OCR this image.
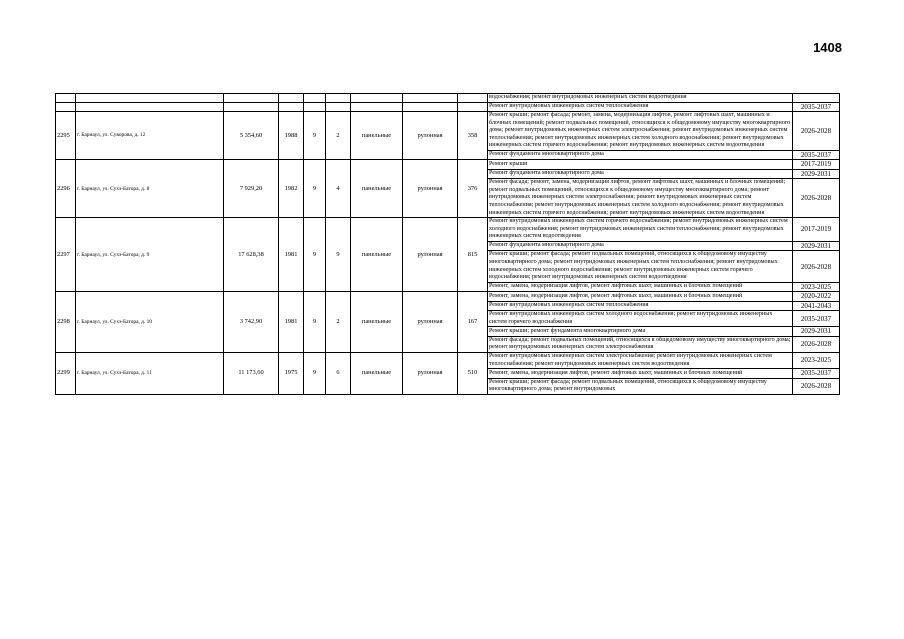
1408
									водоснабжения; ремонт внутридомовых инженерных систем водоотведения	
									Ремонт внутридомовых инженерных систем теплоснабжения	2035-2037
2295	г. Барнаул, ул. Суворова, д. 12	5 354,60	1988	9	2	панельные	рулонная	358	Ремонт крыши; ремонт фасада; ремонт, замена, модернизация лифтов, ремонт лифтовых шахт, машинных и блочных помещений; ремонт подвальных помещений, относящихся к общедомовому имуществу многоквартирного дома; ремонт внутридомовых инженерных систем электроснабжения; ремонт внутридомовых инженерных систем теплоснабжения; ремонт внутридомовых инженерных систем холодного водоснабжения; ремонт внутридомовых инженерных систем горячего водоснабжения; ремонт внутридомовых инженерных систем водоотведения	2026-2028
									Ремонт фундамента многоквартирного дома	2035-2037
2296	г. Барнаул, ул. Сухэ-Батора, д. 8	7 929,20	1982	9	4	панельные	рулонная	376	Ремонт крыши	2017-2019
									Ремонт фундамента многоквартирного дома	2029-2031
									Ремонт фасада; ремонт, замена, модернизация лифтов, ремонт лифтовых шахт, машинных и блочных помещений; ремонт подвальных помещений, относящихся к общедомовому имуществу многоквартирного дома; ремонт внутридомовых инженерных систем электроснабжения; ремонт внутридомовых инженерных систем теплоснабжения; ремонт внутридомовых инженерных систем холодного водоснабжения; ремонт внутридомовых инженерных систем горячего водоснабжения; ремонт внутридомовых инженерных систем водоотведения	2026-2028
2297	г. Барнаул, ул. Сухэ-Батора, д. 9	17 628,38	1981	9	9	панельные	рулонная	815	Ремонт внутридомовых инженерных систем горячего водоснабжения; ремонт внутридомовых инженерных систем холодного водоснабжения; ремонт внутридомовых инженерных систем теплоснабжения; ремонт внутридомовых инженерных систем водоотведения	2017-2019
									Ремонт фундамента многоквартирного дома	2029-2031
									Ремонт крыши; ремонт фасада; ремонт подвальных помещений, относящихся к общедомовому имуществу многоквартирного дома; ремонт внутридомовых инженерных систем теплоснабжения; ремонт внутридомовых инженерных систем холодного водоснабжения; ремонт внутридомовых инженерных систем горячего водоснабжения; ремонт внутридомовых инженерных систем водоотведения	2026-2028
									Ремонт, замена, модернизация лифтов, ремонт лифтовых шахт, машинных и блочных помещений	2023-2025
2298	г. Барнаул, ул. Сухэ-Батора, д. 10	3 742,90	1981	9	2	панельные	рулонная	167	Ремонт, замена, модернизация лифтов, ремонт лифтовых шахт, машинных и блочных помещений	2020-2022
									Ремонт внутридомовых инженерных систем теплоснабжения	2041-2043
									Ремонт внутридомовых инженерных систем холодного водоснабжения; ремонт внутридомовых инженерных систем горячего водоснабжения	2035-2037
									Ремонт крыши; ремонт фундамента многоквартирного дома	2029-2031
									Ремонт фасада; ремонт подвальных помещений, относящихся к общедомовому имуществу многоквартирного дома; ремонт внутридомовых инженерных систем электроснабжения	2026-2028
2299	г. Барнаул, ул. Сухэ-Батора, д. 11	11 173,60	1975	9	6	панельные	рулонная	510	Ремонт внутридомовых инженерных систем электроснабжения; ремонт внутридомовых инженерных систем теплоснабжения; ремонт внутридомовых инженерных систем водоотведения	2023-2025
									Ремонт, замена, модернизация лифтов, ремонт лифтовых шахт, машинных и блочных помещений	2035-2037
									Ремонт крыши; ремонт фасада; ремонт подвальных помещений, относящихся к общедомовому имуществу многоквартирного дома; ремонт внутридомовых	2026-2028
